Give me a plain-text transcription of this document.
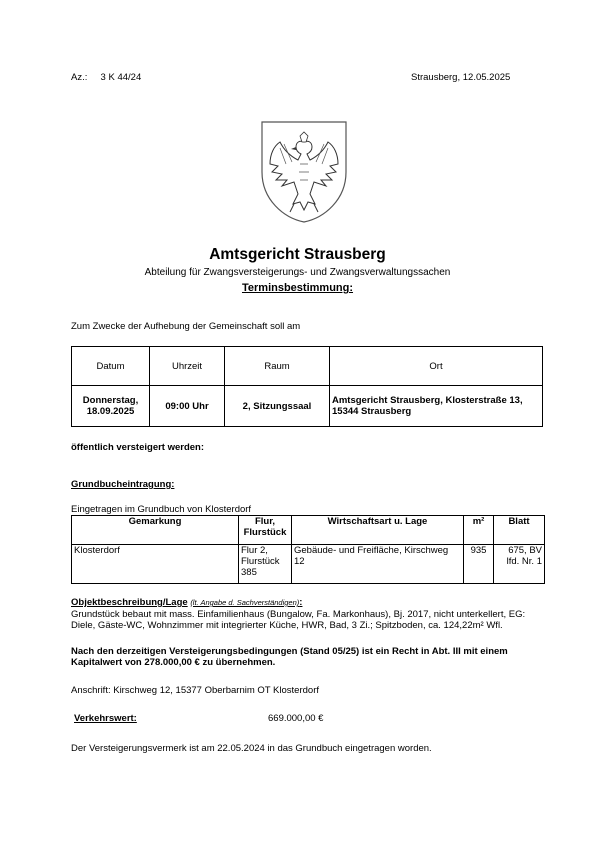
Az.:     3 K 44/24	Strausberg, 12.05.2025
Amtsgericht Strausberg
Abteilung für Zwangsversteigerungs- und Zwangsverwaltungssachen
Terminsbestimmung:
Zum Zwecke der Aufhebung der Gemeinschaft soll am
Datum	Uhrzeit	Raum	Ort
Donnerstag, 18.09.2025	09:00 Uhr	2, Sitzungssaal	Amtsgericht Strausberg, Klosterstraße 13, 15344 Strausberg
öffentlich versteigert werden:
Grundbucheintragung:
Eingetragen im Grundbuch von Klosterdorf
Gemarkung	Flur, Flurstück	Wirtschaftsart u. Lage	m²	Blatt
Klosterdorf	Flur 2, Flurstück 385	Gebäude- und Freifläche, Kirschweg 12	935	675, BV lfd. Nr. 1
Objektbeschreibung/Lage (lt. Angabe d. Sachverständigen):
Grundstück bebaut mit mass. Einfamilienhaus (Bungalow, Fa. Markonhaus), Bj. 2017, nicht unterkellert, EG: Diele, Gäste-WC, Wohnzimmer mit integrierter Küche, HWR, Bad, 3 Zi.; Spitzboden, ca. 124,22m² Wfl.
Nach den derzeitigen Versteigerungsbedingungen (Stand 05/25) ist ein Recht in Abt. III mit einem Kapitalwert von 278.000,00 € zu übernehmen.
Anschrift: Kirschweg 12, 15377 Oberbarnim OT Klosterdorf
Verkehrswert:	669.000,00 €
Der Versteigerungsvermerk ist am 22.05.2024 in das Grundbuch eingetragen worden.
